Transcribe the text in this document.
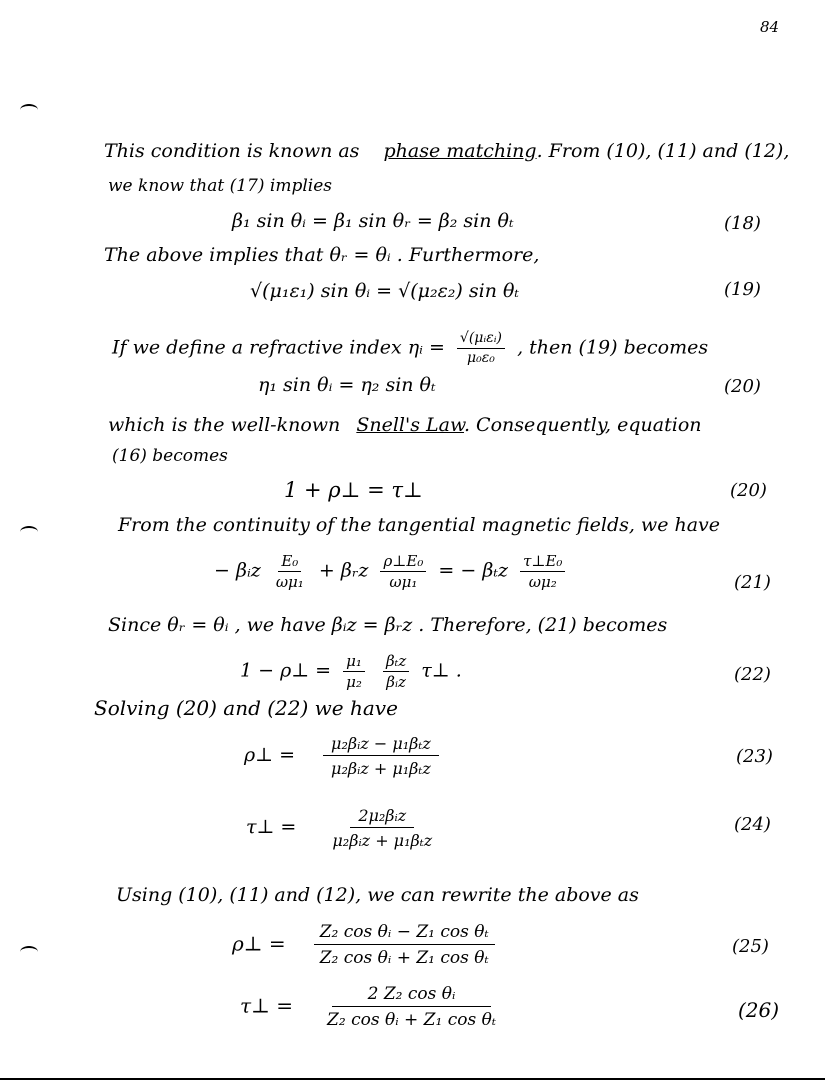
84
This condition is known as phase matching. From (10), (11) and (12),
we know that (17) implies
β₁ sin θᵢ = β₁ sin θᵣ = β₂ sin θₜ	(18)
The above implies that θᵣ = θᵢ . Furthermore,
√(μ₁ε₁) sin θᵢ = √(μ₂ε₂) sin θₜ	(19)
If we define a refractive index ηᵢ = $\frac{\text{√(μᵢεᵢ)}}{\text{μ₀ε₀}}$ , then (19) becomes
η₁ sin θᵢ = η₂ sin θₜ	(20)
which is the well-known Snell's Law. Consequently, equation
(16) becomes
1 + ρ⊥ = τ⊥	(20)
From the continuity of the tangential magnetic fields, we have
− βᵢz $\frac{\text{E₀}}{\text{ωμ₁}}$ + βᵣz $\frac{\text{ρ⊥E₀}}{\text{ωμ₁}}$ = − βₜz $\frac{\text{τ⊥E₀}}{\text{ωμ₂}}$	(21)
Since θᵣ = θᵢ , we have βᵢz = βᵣz . Therefore, (21) becomes
1 − ρ⊥ = $\frac{\text{μ₁}}{\text{μ₂}}$
$\frac{\text{βₜz}}{\text{βᵢz}}$ τ⊥ .	(22)
Solving (20) and (22) we have
ρ⊥ = $\frac{\text{μ₂βᵢz − μ₁βₜz}}{\text{μ₂βᵢz + μ₁βₜz}}$	(23)
τ⊥ = $\frac{\text{2μ₂βᵢz}}{\text{μ₂βᵢz + μ₁βₜz}}$	(24)
Using (10), (11) and (12), we can rewrite the above as
ρ⊥ = $\frac{\text{Z₂ cos θᵢ − Z₁ cos θₜ}}{\text{Z₂ cos θᵢ + Z₁ cos θₜ}}$	(25)
τ⊥ = $\frac{\text{2 Z₂ cos θᵢ}}{\text{Z₂ cos θᵢ + Z₁ cos θₜ}}$	(26)
